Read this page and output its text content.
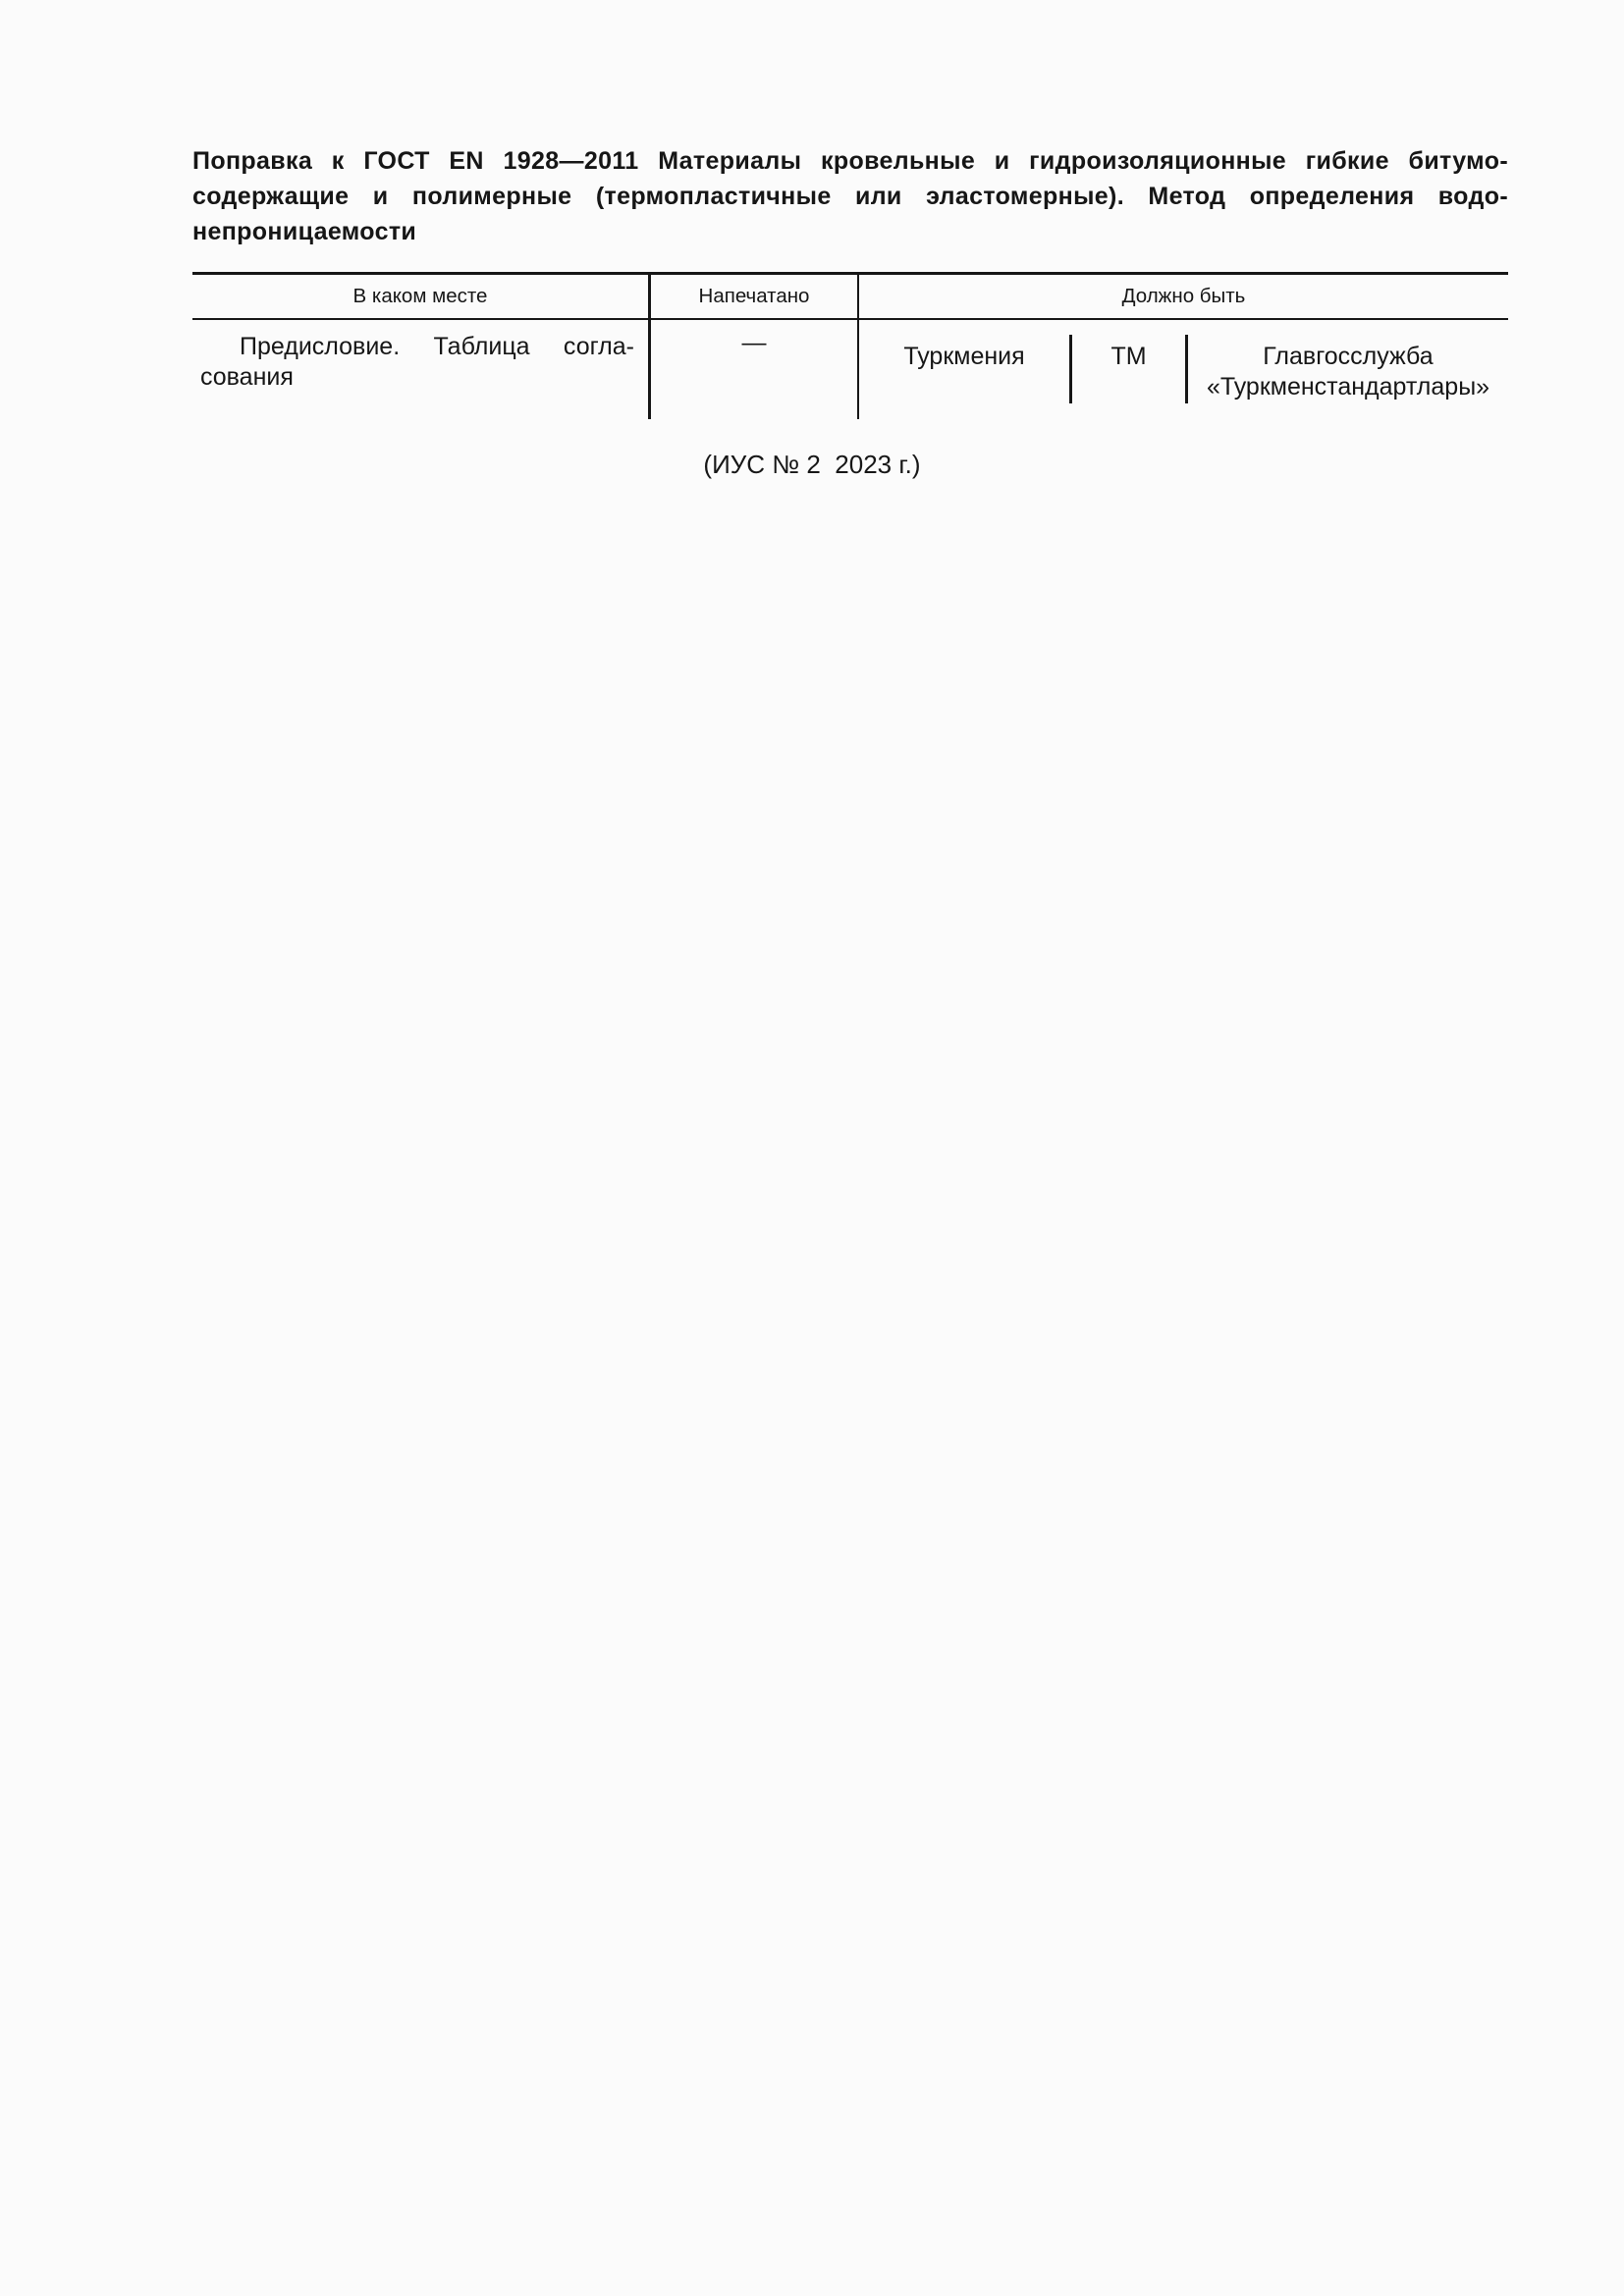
Поправка к ГОСТ EN 1928—2011 Материалы кровельные и гидроизоляционные гибкие битумо-
содержащие и полимерные (термопластичные или эластомерные). Метод определения водо-
непроницаемости
В каком месте	Напечатано	Должно быть
Предисловие. Таблица согла-
сования
—	Туркмения	TM	Главгосслужба
«Туркменстандартлары»
(ИУС № 2  2023 г.)
